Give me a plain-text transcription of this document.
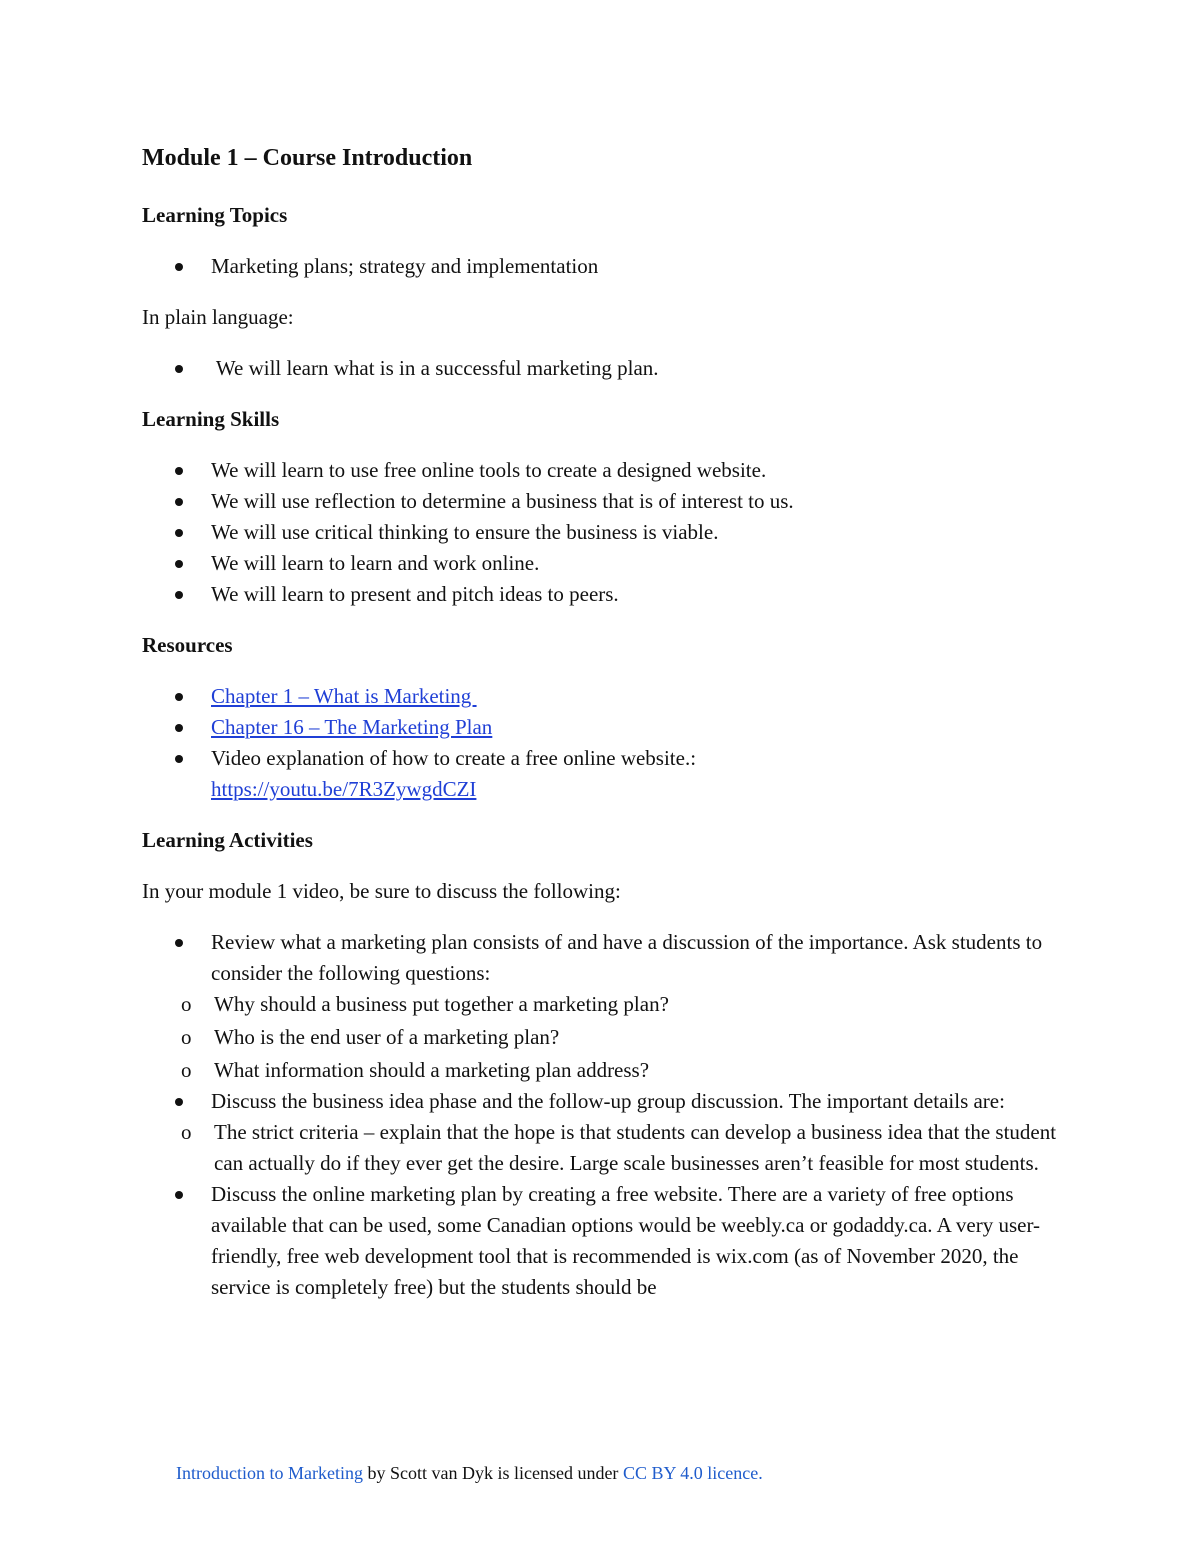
Module 1 – Course Introduction
Learning Topics
Marketing plans; strategy and implementation

In plain language:

We will learn what is in a successful marketing plan.
Learning Skills
We will learn to use free online tools to create a designed website.
We will use reflection to determine a business that is of interest to us.
We will use critical thinking to ensure the business is viable.
We will learn to learn and work online.
We will learn to present and pitch ideas to peers.
Resources
Chapter 1 – What is Marketing
Chapter 16 – The Marketing Plan
Video explanation of how to create a free online website.:
https://youtu.be/7R3ZywgdCZI
Learning Activities

In your module 1 video, be sure to discuss the following:

Review what a marketing plan consists of and have a discussion of the importance. Ask students to consider the following questions:
o Why should a business put together a marketing plan?
o Who is the end user of a marketing plan?
o What information should a marketing plan address?
Discuss the business idea phase and the follow-up group discussion. The important details are:
o The strict criteria – explain that the hope is that students can develop a business idea that the student can actually do if they ever get the desire. Large scale businesses aren’t feasible for most students.
Discuss the online marketing plan by creating a free website. There are a variety of free options available that can be used, some Canadian options would be weebly.ca or godaddy.ca. A very user-friendly, free web development tool that is recommended is wix.com (as of November 2020, the service is completely free) but the students should be
Introduction to Marketing by Scott van Dyk is licensed under CC BY 4.0 licence.
